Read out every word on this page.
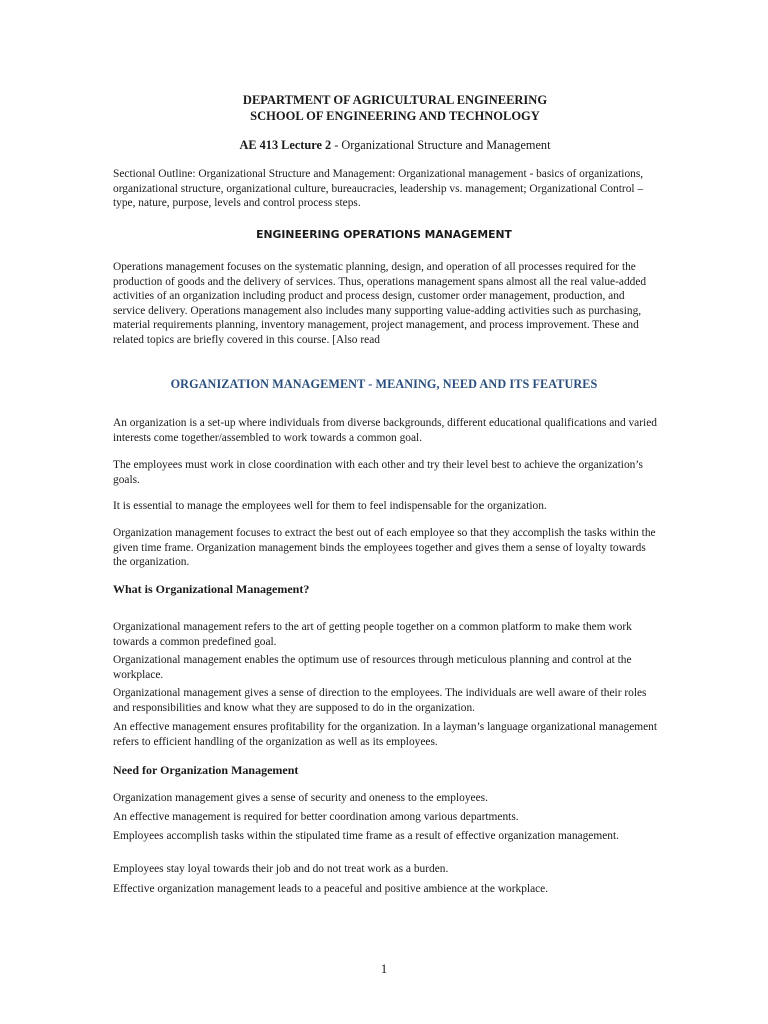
DEPARTMENT OF AGRICULTURAL ENGINEERING
SCHOOL OF ENGINEERING AND TECHNOLOGY
AE 413 Lecture 2 - Organizational Structure and Management

Sectional Outline: Organizational Structure and Management: Organizational management - basics of organizations, organizational structure, organizational culture, bureaucracies, leadership vs. management; Organizational Control – type, nature, purpose, levels and control process steps.

ENGINEERING OPERATIONS MANAGEMENT

Operations management focuses on the systematic planning, design, and operation of all processes required for the production of goods and the delivery of services. Thus, operations management spans almost all the real value-added activities of an organization including product and process design, customer order management, production, and service delivery. Operations management also includes many supporting value-adding activities such as purchasing, material requirements planning, inventory management, project management, and process improvement. These and related topics are briefly covered in this course. [Also read

ORGANIZATION MANAGEMENT - MEANING, NEED AND ITS FEATURES

An organization is a set-up where individuals from diverse backgrounds, different educational qualifications and varied interests come together/assembled to work towards a common goal.

The employees must work in close coordination with each other and try their level best to achieve the organization’s goals.

It is essential to manage the employees well for them to feel indispensable for the organization.

Organization management focuses to extract the best out of each employee so that they accomplish the tasks within the given time frame. Organization management binds the employees together and gives them a sense of loyalty towards the organization.

What is Organizational Management?

Organizational management refers to the art of getting people together on a common platform to make them work towards a common predefined goal.

Organizational management enables the optimum use of resources through meticulous planning and control at the workplace.

Organizational management gives a sense of direction to the employees. The individuals are well aware of their roles and responsibilities and know what they are supposed to do in the organization.

An effective management ensures profitability for the organization. In a layman’s language organizational management refers to efficient handling of the organization as well as its employees.

Need for Organization Management

Organization management gives a sense of security and oneness to the employees.

An effective management is required for better coordination among various departments.

Employees accomplish tasks within the stipulated time frame as a result of effective organization management.

Employees stay loyal towards their job and do not treat work as a burden.

Effective organization management leads to a peaceful and positive ambience at the workplace.

1
